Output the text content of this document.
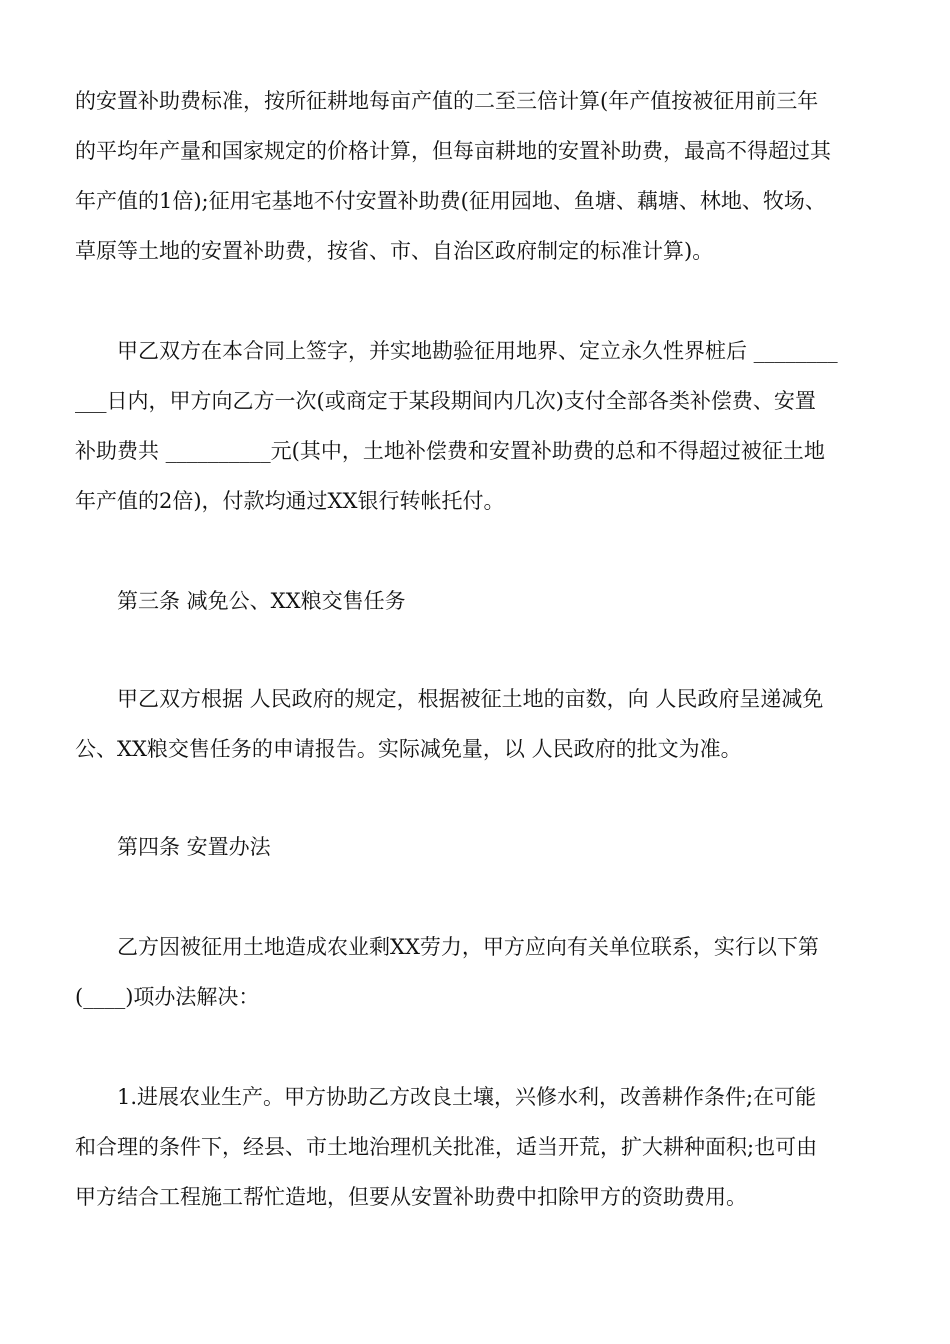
的安置补助费标准，按所征耕地每亩产值的二至三倍计算(年产值按被征用前三年
的平均年产量和国家规定的价格计算，但每亩耕地的安置补助费，最高不得超过其
年产值的1倍);征用宅基地不付安置补助费(征用园地、鱼塘、藕塘、林地、牧场、
草原等土地的安置补助费，按省、市、自治区政府制定的标准计算)。
　　甲乙双方在本合同上签字，并实地勘验征用地界、定立永久性界桩后 ________
___日内，甲方向乙方一次(或商定于某段期间内几次)支付全部各类补偿费、安置
补助费共 __________元(其中，土地补偿费和安置补助费的总和不得超过被征土地
年产值的2倍)，付款均通过XX银行转帐托付。
　　第三条 减免公、XX粮交售任务
　　甲乙双方根据 人民政府的规定，根据被征土地的亩数，向 人民政府呈递减免
公、XX粮交售任务的申请报告。实际减免量，以 人民政府的批文为准。
　　第四条 安置办法
　　乙方因被征用土地造成农业剩XX劳力，甲方应向有关单位联系，实行以下第
(____)项办法解决：
　　1.进展农业生产。甲方协助乙方改良土壤，兴修水利，改善耕作条件;在可能
和合理的条件下，经县、市土地治理机关批准，适当开荒，扩大耕种面积;也可由
甲方结合工程施工帮忙造地，但要从安置补助费中扣除甲方的资助费用。
